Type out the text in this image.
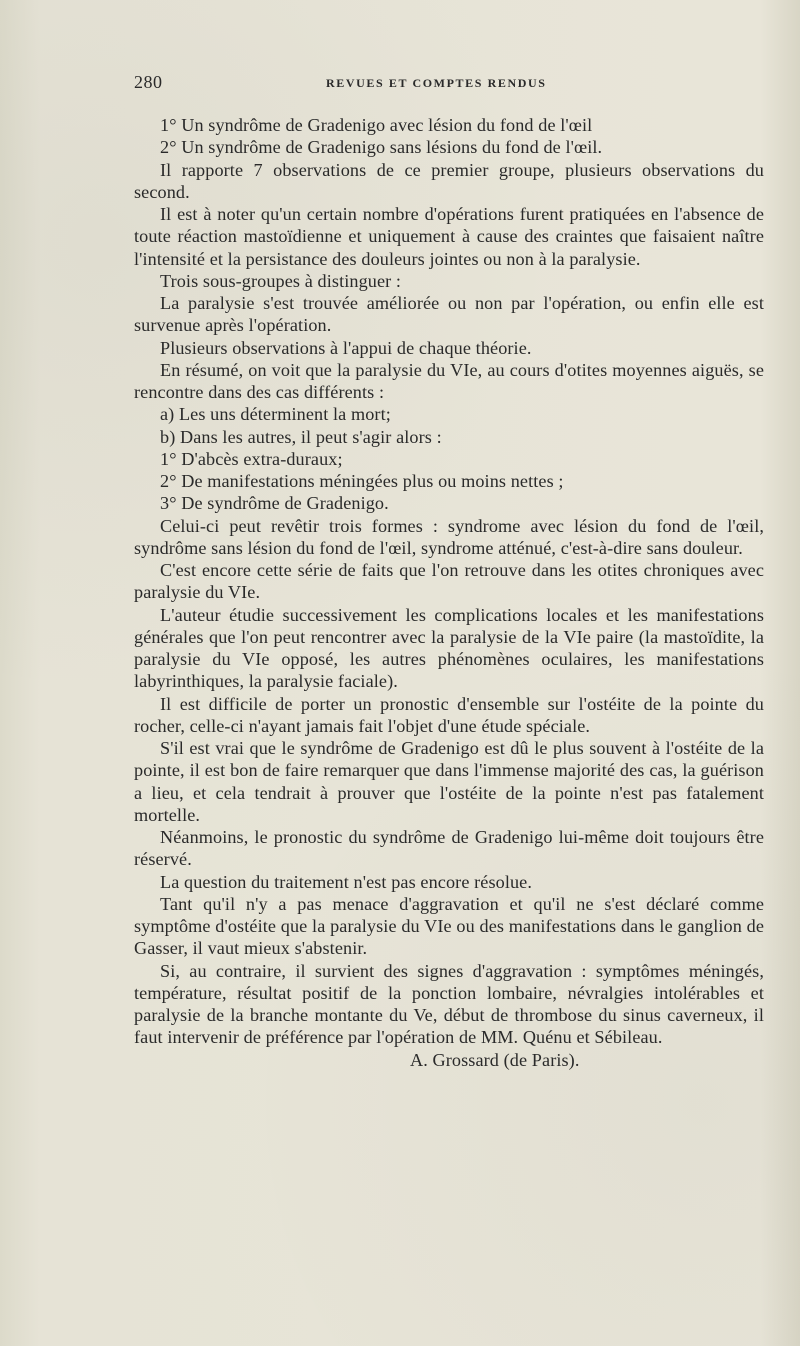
280	REVUES ET COMPTES RENDUS

1° Un syndrôme de Gradenigo avec lésion du fond de l'œil

2° Un syndrôme de Gradenigo sans lésions du fond de l'œil.

Il rapporte 7 observations de ce premier groupe, plusieurs observations du second.

Il est à noter qu'un certain nombre d'opérations furent pratiquées en l'absence de toute réaction mastoïdienne et uniquement à cause des craintes que faisaient naître l'intensité et la persistance des douleurs jointes ou non à la paralysie.

Trois sous-groupes à distinguer :

La paralysie s'est trouvée améliorée ou non par l'opération, ou enfin elle est survenue après l'opération.

Plusieurs observations à l'appui de chaque théorie.

En résumé, on voit que la paralysie du VIe, au cours d'otites moyennes aiguës, se rencontre dans des cas différents :

a) Les uns déterminent la mort;

b) Dans les autres, il peut s'agir alors :

1° D'abcès extra-duraux;

2° De manifestations méningées plus ou moins nettes ;

3° De syndrôme de Gradenigo.

Celui-ci peut revêtir trois formes : syndrome avec lésion du fond de l'œil, syndrôme sans lésion du fond de l'œil, syndrome atténué, c'est-à-dire sans douleur.

C'est encore cette série de faits que l'on retrouve dans les otites chroniques avec paralysie du VIe.

L'auteur étudie successivement les complications locales et les manifestations générales que l'on peut rencontrer avec la paralysie de la VIe paire (la mastoïdite, la paralysie du VIe opposé, les autres phénomènes oculaires, les manifestations labyrinthiques, la paralysie faciale).

Il est difficile de porter un pronostic d'ensemble sur l'ostéite de la pointe du rocher, celle-ci n'ayant jamais fait l'objet d'une étude spéciale.

S'il est vrai que le syndrôme de Gradenigo est dû le plus souvent à l'ostéite de la pointe, il est bon de faire remarquer que dans l'immense majorité des cas, la guérison a lieu, et cela tendrait à prouver que l'ostéite de la pointe n'est pas fatalement mortelle.

Néanmoins, le pronostic du syndrôme de Gradenigo lui-même doit toujours être réservé.

La question du traitement n'est pas encore résolue.

Tant qu'il n'y a pas menace d'aggravation et qu'il ne s'est déclaré comme symptôme d'ostéite que la paralysie du VIe ou des manifestations dans le ganglion de Gasser, il vaut mieux s'abstenir.

Si, au contraire, il survient des signes d'aggravation : symptômes méningés, température, résultat positif de la ponction lombaire, névralgies intolérables et paralysie de la branche montante du Ve, début de thrombose du sinus caverneux, il faut intervenir de préférence par l'opération de MM. Quénu et Sébileau.

A. Grossard (de Paris).
